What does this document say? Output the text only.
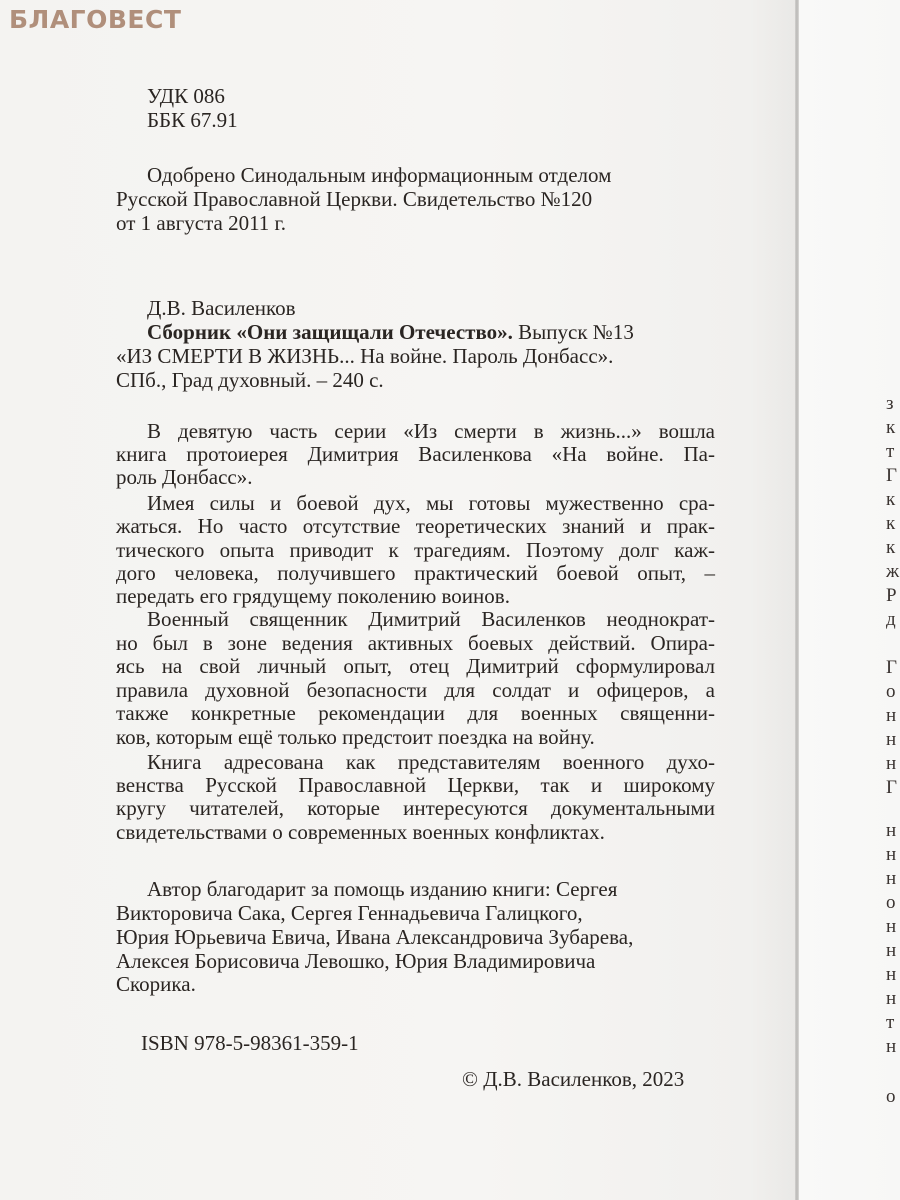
БЛАГОВЕСТ
УДК 086
ББК 67.91
Одобрено Синодальным информационным отделом
Русской Православной Церкви. Свидетельство №120
от 1 августа 2011 г.
Д.В. Василенков
Сборник «Они защищали Отечество». Выпуск №13
«ИЗ СМЕРТИ В ЖИЗНЬ... На войне. Пароль Донбасс».
СПб., Град духовный. – 240 с.
В девятую часть серии «Из смерти в жизнь...» вошла
книга протоиерея Димитрия Василенкова «На войне. Па-
роль Донбасс».
Имея силы и боевой дух, мы готовы мужественно сра-
жаться. Но часто отсутствие теоретических знаний и прак-
тического опыта приводит к трагедиям. Поэтому долг каж-
дого человека, получившего практический боевой опыт, –
передать его грядущему поколению воинов.
Военный священник Димитрий Василенков неоднократ-
но был в зоне ведения активных боевых действий. Опира-
ясь на свой личный опыт, отец Димитрий сформулировал
правила духовной безопасности для солдат и офицеров, а
также конкретные рекомендации для военных священни-
ков, которым ещё только предстоит поездка на войну.
Книга адресована как представителям военного духо-
венства Русской Православной Церкви, так и широкому
кругу читателей, которые интересуются документальными
свидетельствами о современных военных конфликтах.
Автор благодарит за помощь изданию книги: Сергея
Викторовича Сака, Сергея Геннадьевича Галицкого,
Юрия Юрьевича Евича, Ивана Александровича Зубарева,
Алексея Борисовича Левошко, Юрия Владимировича
Скорика.
ISBN 978-5-98361-359-1
© Д.В. Василенков, 2023
з
к
т
Г
к
к
к
ж
Р
д
Г
о
н
н
н
Г
н
н
н
о
н
н
н
н
т
н
о
